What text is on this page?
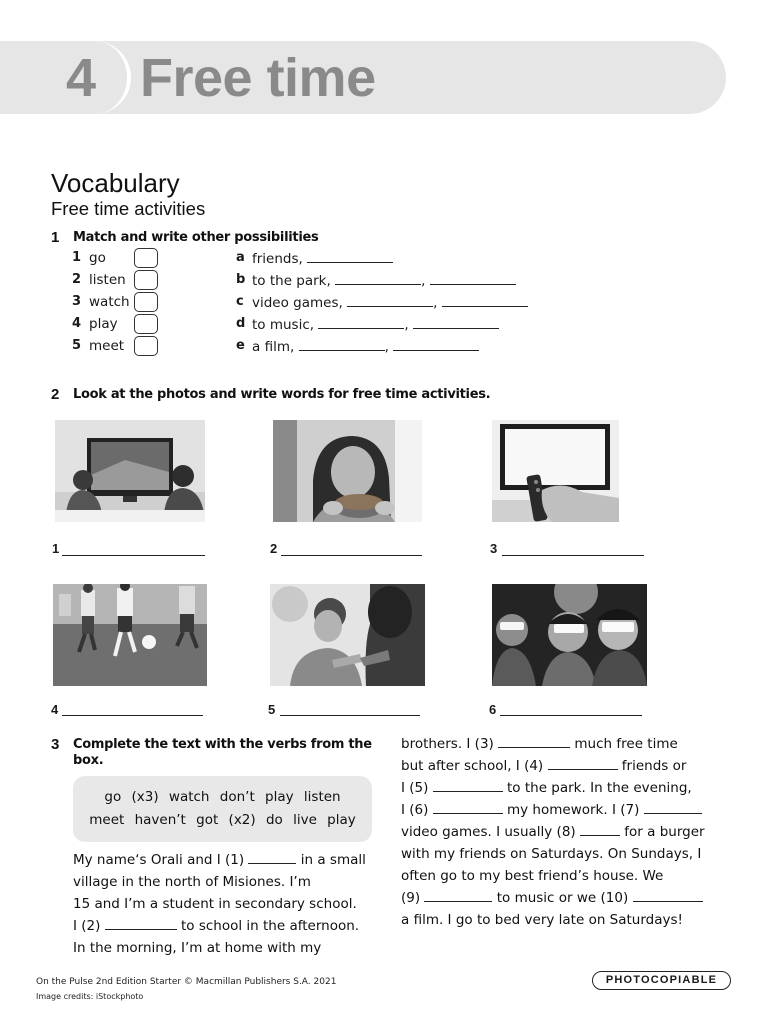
4 Free time
Vocabulary
Free time activities
1 Match and write other possibilities
1 go	a friends,
2 listen	b to the park,	,
3 watch	c video games,	,
4 play	d to music,	,
5 meet	e a film,	,
2 Look at the photos and write words for free time activities.
1	2	3
4	5	6
3 Complete the text with the verbs from the
box.
go (x3) watch don’t play listen
meet haven’t got (x2) do live play
My name‘s Orali and I (1)	in a small
village in the north of Misiones. I’m
15 and I’m a student in secondary school.
I (2)	to school in the afternoon.
In the morning, I’m at home with my
brothers. I (3)	much free time
but after school, I (4)	friends or
I (5)	to the park. In the evening,
I (6)	my homework. I (7)
video games. I usually (8)	for a burger
with my friends on Saturdays. On Sundays, I
often go to my best friend’s house. We
(9)	to music or we (10)
a film. I go to bed very late on Saturdays!
On the Pulse 2nd Edition Starter © Macmillan Publishers S.A. 2021
Image credits: iStockphoto
PHOTOCOPIABLE
